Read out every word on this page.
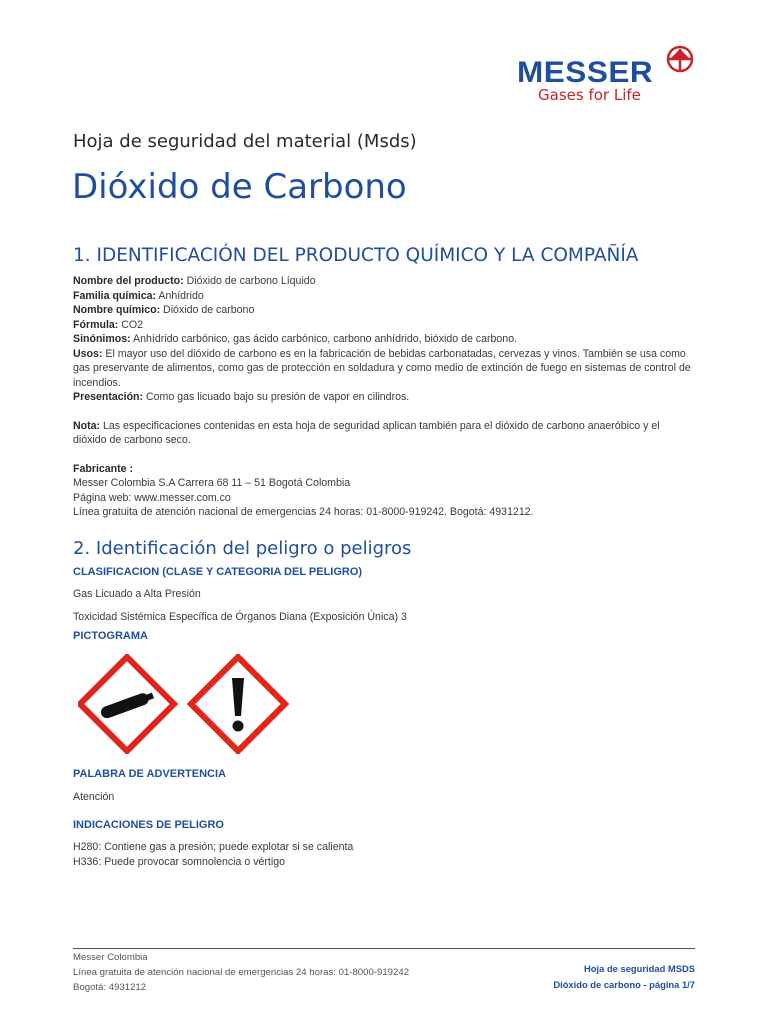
MESSER
Gases for Life
Hoja de seguridad del material (Msds)
Dióxido de Carbono
1. IDENTIFICACIÓN DEL PRODUCTO QUÍMICO Y LA COMPAÑÍA

Nombre del producto: Dióxido de carbono Líquido

Familia química: Anhídrido

Nombre químico: Dióxido de carbono

Fórmula: CO2

Sinónimos: Anhídrido carbónico, gas ácido carbónico, carbono anhídrido, bióxido de carbono.

Usos: El mayor uso del dióxido de carbono es en la fabricación de bebidas carbonatadas, cervezas y vinos. También se usa como gas preservante de alimentos, como gas de protección en soldadura y como medio de extinción de fuego en sistemas de control de incendios.

Presentación: Como gas licuado bajo su presión de vapor en cilindros.

Nota: Las especificaciones contenidas en esta hoja de seguridad aplican también para el dióxido de carbono anaeróbico y el dióxido de carbono seco.

Fabricante :

Messer Colombia S.A Carrera 68 11 – 51 Bogotá Colombia

Página web: www.messer.com.co

Línea gratuita de atención nacional de emergencias 24 horas: 01-8000-919242. Bogotá: 4931212.

2. Identificación del peligro o peligros
CLASIFICACION (CLASE Y CATEGORIA DEL PELIGRO)
Gas Licuado a Alta Presión
Toxicidad Sistémica Específica de Órganos Diana (Exposición Única) 3
PICTOGRAMA
PALABRA DE ADVERTENCIA
Atención
INDICACIONES DE PELIGRO
H280: Contiene gas a presión; puede explotar si se calienta
H336: Puede provocar somnolencia o vértigo
Messer Colombia
Línea gratuita de atención nacional de emergencias 24 horas: 01-8000-919242
Bogotá: 4931212
Hoja de seguridad MSDS
Dióxido de carbono - página 1/7
